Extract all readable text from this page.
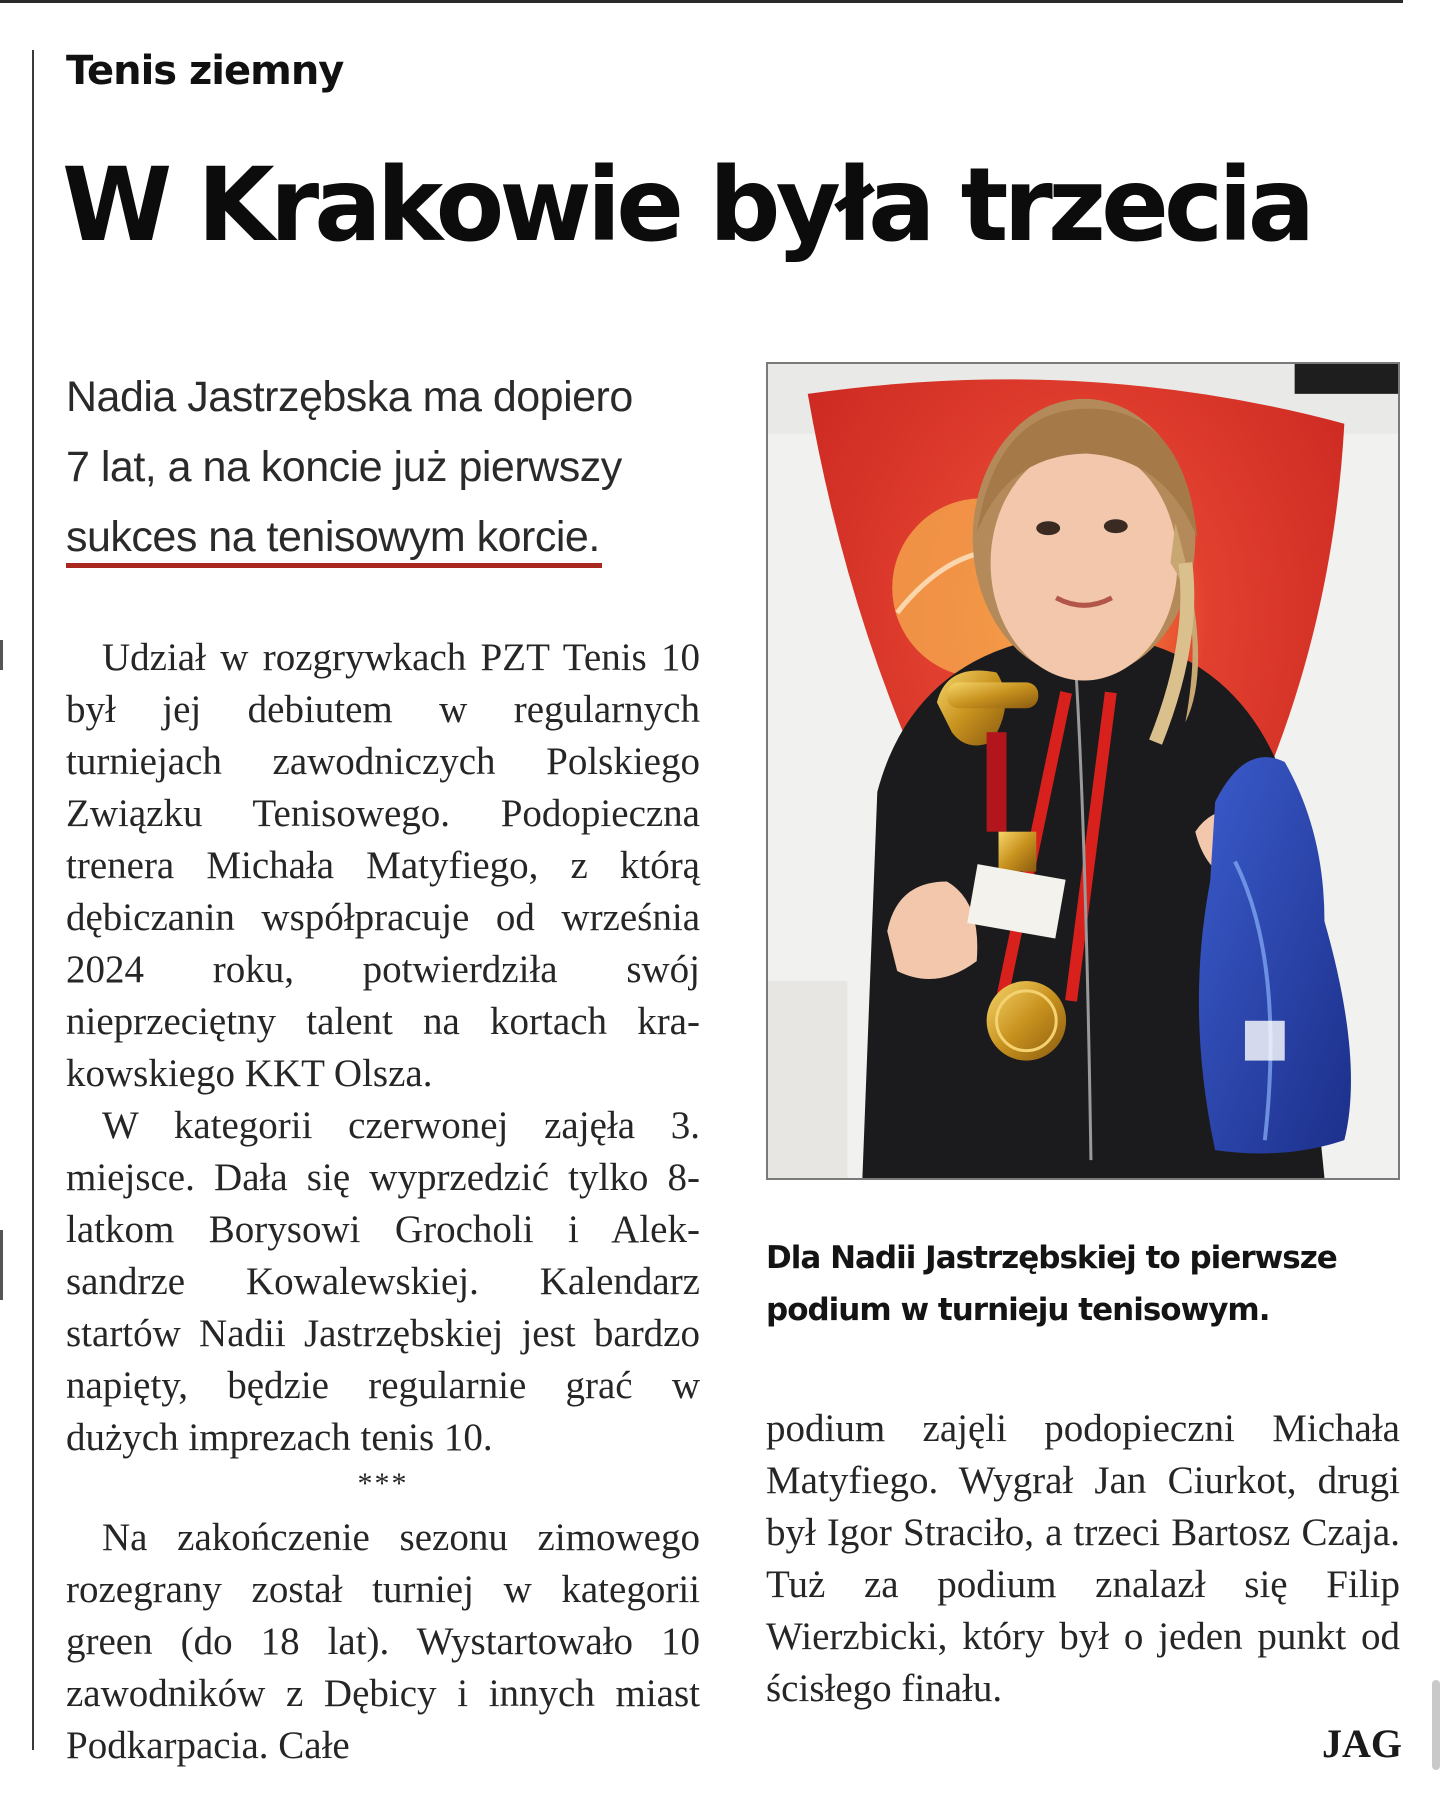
Tenis ziemny
W Krakowie była trzecia
Nadia Jastrzębska ma dopiero 7 lat, a na koncie już pierwszy sukces na tenisowym korcie.

Udział w rozgrywkach PZT Tenis 10 był jej debiutem w regularnych turniejach zawodniczych Polskiego Związku Tenisowego. Podopieczna trenera Michała Matyfiego, z którą dębiczanin współpracuje od września 2024 roku, potwierdziła swój nieprzeciętny talent na kortach krakowskiego KKT Olsza.

W kategorii czerwonej zajęła 3. miejsce. Dała się wyprzedzić tylko 8-latkom Borysowi Grocholi i Aleksandrze Kowalewskiej. Kalendarz startów Nadii Jastrzębskiej jest bardzo napięty, będzie regularnie grać w dużych imprezach tenis 10.

***

Na zakończenie sezonu zimowego rozegrany został turniej w kategorii green (do 18 lat). Wystartowało 10 zawodników z Dębicy i innych miast Podkarpacia. Całe

Dla Nadii Jastrzębskiej to pierwsze podium w turnieju tenisowym.

podium zajęli podopieczni Michała Matyfiego. Wygrał Jan Ciurkot, drugi był Igor Straciło, a trzeci Bartosz Czaja. Tuż za podium znalazł się Filip Wierzbicki, który był o jeden punkt od ścisłego finału.

JAG
